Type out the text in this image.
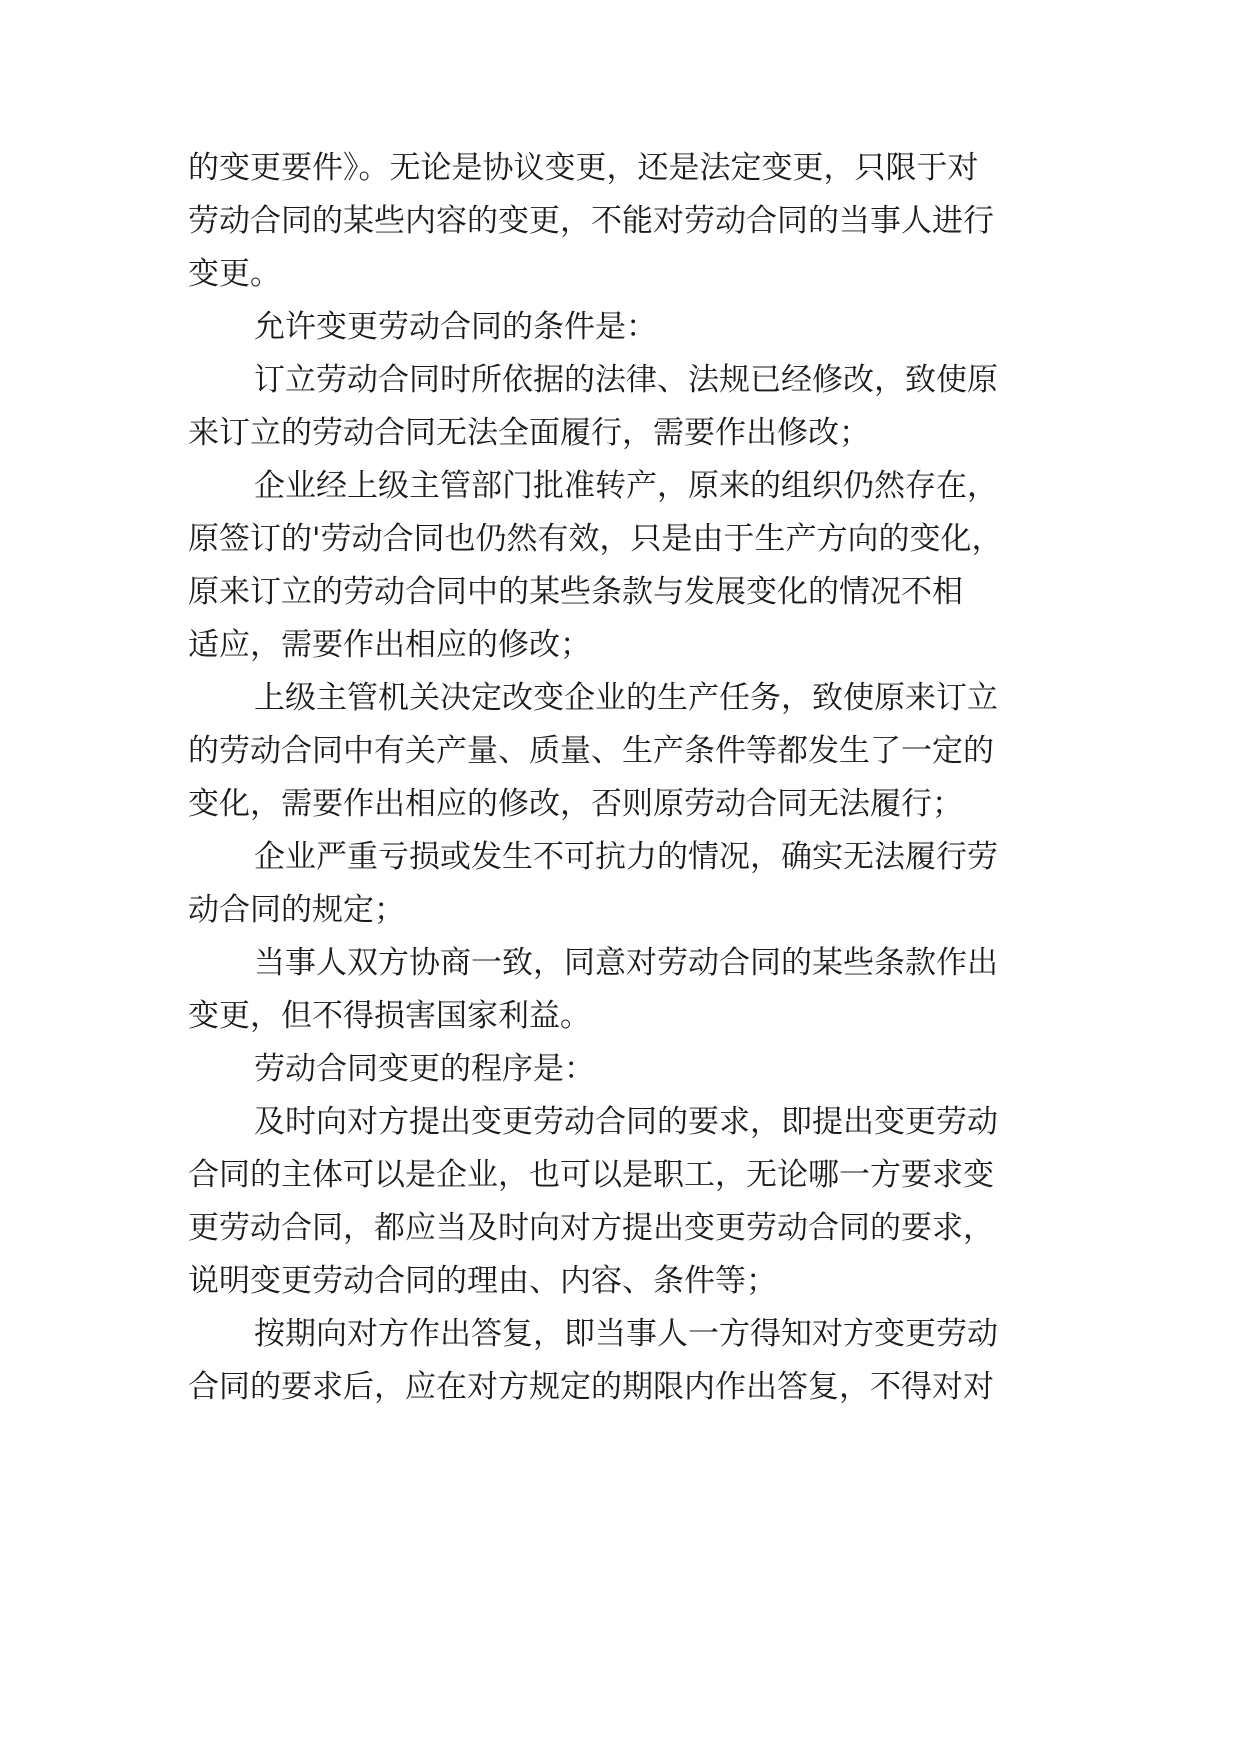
的变更要件》。无论是协议变更，还是法定变更，只限于对

劳动合同的某些内容的变更，不能对劳动合同的当事人进行

变更。

允许变更劳动合同的条件是：

订立劳动合同时所依据的法律、法规已经修改，致使原

来订立的劳动合同无法全面履行，需要作出修改；

企业经上级主管部门批准转产，原来的组织仍然存在，

原签订的'劳动合同也仍然有效，只是由于生产方向的变化，

原来订立的劳动合同中的某些条款与发展变化的情况不相

适应，需要作出相应的修改；

上级主管机关决定改变企业的生产任务，致使原来订立

的劳动合同中有关产量、质量、生产条件等都发生了一定的

变化，需要作出相应的修改，否则原劳动合同无法履行；

企业严重亏损或发生不可抗力的情况，确实无法履行劳

动合同的规定；

当事人双方协商一致，同意对劳动合同的某些条款作出

变更，但不得损害国家利益。

劳动合同变更的程序是：

及时向对方提出变更劳动合同的要求，即提出变更劳动

合同的主体可以是企业，也可以是职工，无论哪一方要求变

更劳动合同，都应当及时向对方提出变更劳动合同的要求，

说明变更劳动合同的理由、内容、条件等；

按期向对方作出答复，即当事人一方得知对方变更劳动

合同的要求后，应在对方规定的期限内作出答复，不得对对
